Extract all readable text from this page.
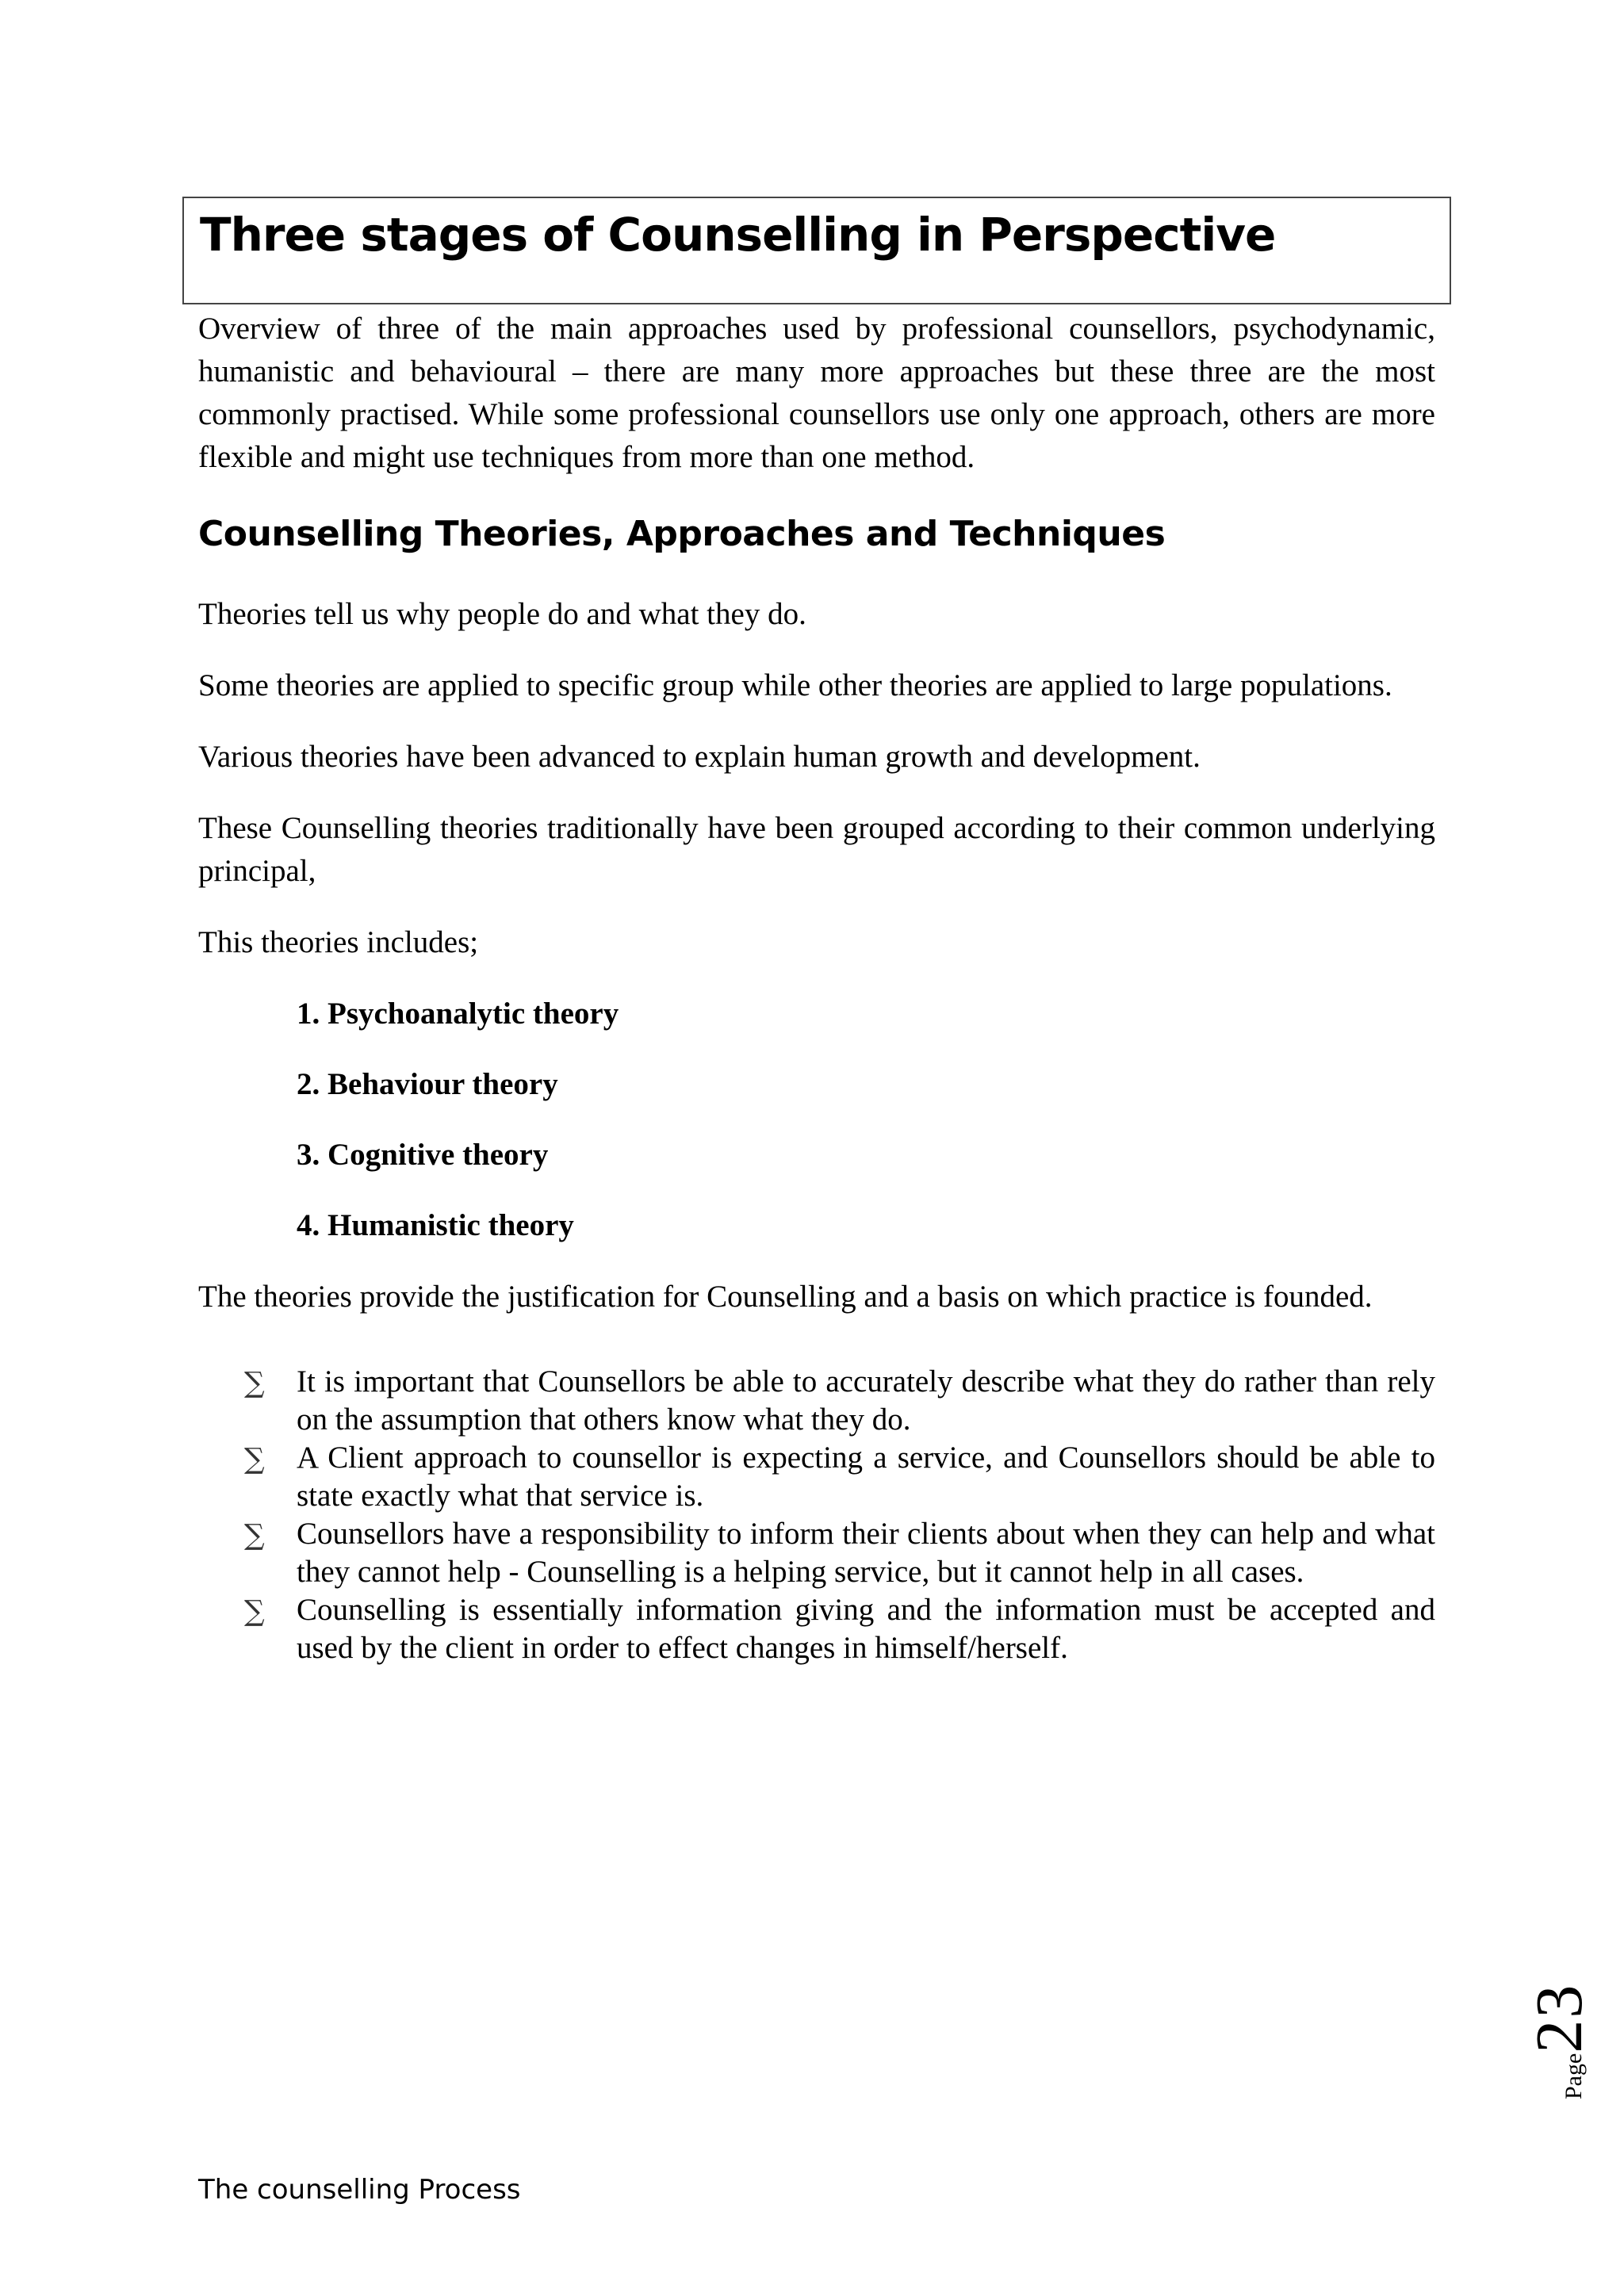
Three stages of Counselling in Perspective

Overview of three of the main approaches used by professional counsellors, psychodynamic, humanistic and behavioural – there are many more approaches but these three are the most commonly practised. While some professional counsellors use only one approach, others are more flexible and might use techniques from more than one method.

Counselling Theories, Approaches and Techniques

Theories tell us why people do and what they do.

Some theories are applied to specific group while other theories are applied to large populations.

Various theories have been advanced to explain human growth and development.

These Counselling theories traditionally have been grouped according to their common underlying principal,

This theories includes;

1. Psychoanalytic theory
2. Behaviour theory
3. Cognitive theory
4. Humanistic theory

The theories provide the justification for Counselling and a basis on which practice is founded.

∑ It is important that Counsellors be able to accurately describe what they do rather than rely on the assumption that others know what they do.
∑ A Client approach to counsellor is expecting a service, and Counsellors should be able to state exactly what that service is.
∑ Counsellors have a responsibility to inform their clients about when they can help and what they cannot help - Counselling is a helping service, but it cannot help in all cases.
∑ Counselling is essentially information giving and the information must be accepted and used by the client in order to effect changes in himself/herself.
Page23
The counselling Process
